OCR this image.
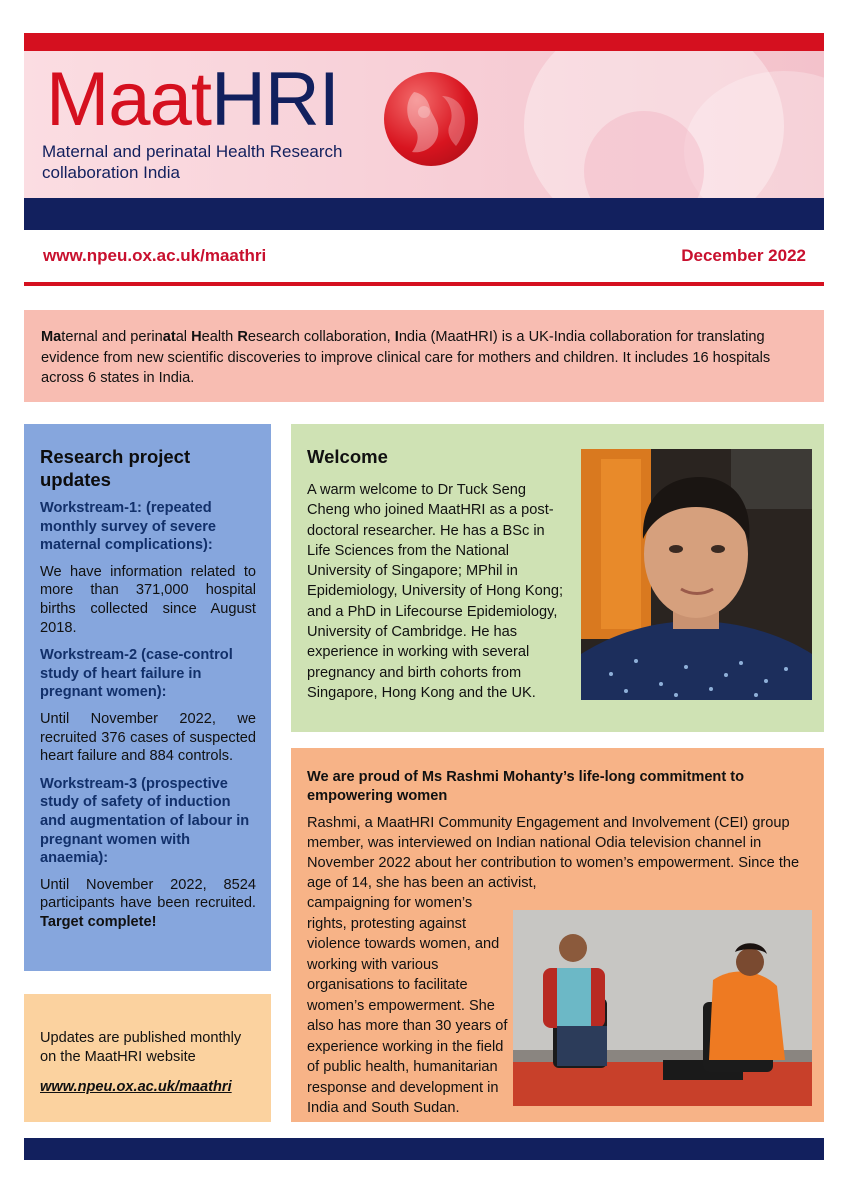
MaatHRI
Maternal and perinatal Health Research
collaboration India
www.npeu.ox.ac.uk/maathri	December 2022
Maternal and perinatal Health Research collaboration, India (MaatHRI) is a UK-India collaboration for translating evidence from new scientific discoveries to improve clinical care for mothers and children. It includes 16 hospitals across 6 states in India.
Research project updates
Workstream-1: (repeated monthly survey of severe maternal complications):
We have information related to more than 371,000 hospital births collected since August 2018.
Workstream-2 (case-control study of heart failure in pregnant women):
Until November 2022, we recruited 376 cases of suspected heart failure and 884 controls.
Workstream-3 (prospective study of safety of induction and augmentation of labour in pregnant women with anaemia):
Until November 2022, 8524 participants have been recruited. Target complete!
Updates are published monthly on the MaatHRI website
www.npeu.ox.ac.uk/maathri
Welcome
A warm welcome to Dr Tuck Seng Cheng who joined MaatHRI as a post-doctoral researcher. He has a BSc in Life Sciences from the National University of Singapore; MPhil in Epidemiology, University of Hong Kong; and a PhD in Lifecourse Epidemiology, University of Cambridge. He has experience in working with several pregnancy and birth cohorts from Singapore, Hong Kong and the UK.
We are proud of Ms Rashmi Mohanty’s life-long commitment to empowering women
Rashmi, a MaatHRI Community Engagement and Involvement (CEI) group member, was interviewed on Indian national Odia television channel in November 2022 about her contribution to women’s empowerment. Since the age of 14, she has been an activist,
campaigning for women’s rights, protesting against violence towards women, and working with various organisations to facilitate women’s empowerment. She also has more than 30 years of experience working in the field of public health, humanitarian response and development in India and South Sudan.
